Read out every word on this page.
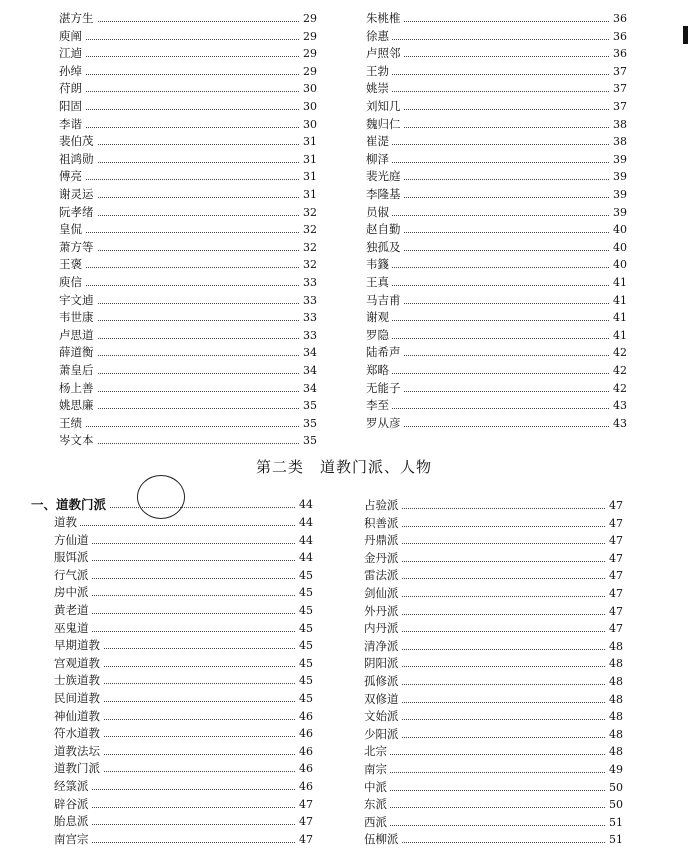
湛方生	29
庾阐	29
江逌	29
孙绰	29
苻朗	30
阳固	30
李谐	30
裴伯茂	31
祖鸿勋	31
傅亮	31
谢灵运	31
阮孝绪	32
皇侃	32
萧方等	32
王褒	32
庾信	33
宇文逌	33
韦世康	33
卢思道	33
薛道衡	34
萧皇后	34
杨上善	34
姚思廉	35
王绩	35
岑文本	35
朱桃椎	36
徐惠	36
卢照邻	36
王勃	37
姚崇	37
刘知几	37
魏归仁	38
崔湜	38
柳泽	39
裴光庭	39
李隆基	39
员俶	39
赵自勤	40
独孤及	40
韦籛	40
王真	41
马吉甫	41
谢观	41
罗隐	41
陆希声	42
郑略	42
无能子	42
李至	43
罗从彦	43
第二类　道教门派、人物
一、道教门派	44
道教	44
方仙道	44
服饵派	44
行气派	45
房中派	45
黄老道	45
巫鬼道	45
早期道教	45
宫观道教	45
士族道教	45
民间道教	45
神仙道教	46
符水道教	46
道教法坛	46
道教门派	46
经箓派	46
辟谷派	47
胎息派	47
南宫宗	47
占验派	47
积善派	47
丹鼎派	47
金丹派	47
雷法派	47
剑仙派	47
外丹派	47
内丹派	47
清净派	48
阴阳派	48
孤修派	48
双修道	48
文始派	48
少阳派	48
北宗	48
南宗	49
中派	50
东派	50
西派	51
伍柳派	51
